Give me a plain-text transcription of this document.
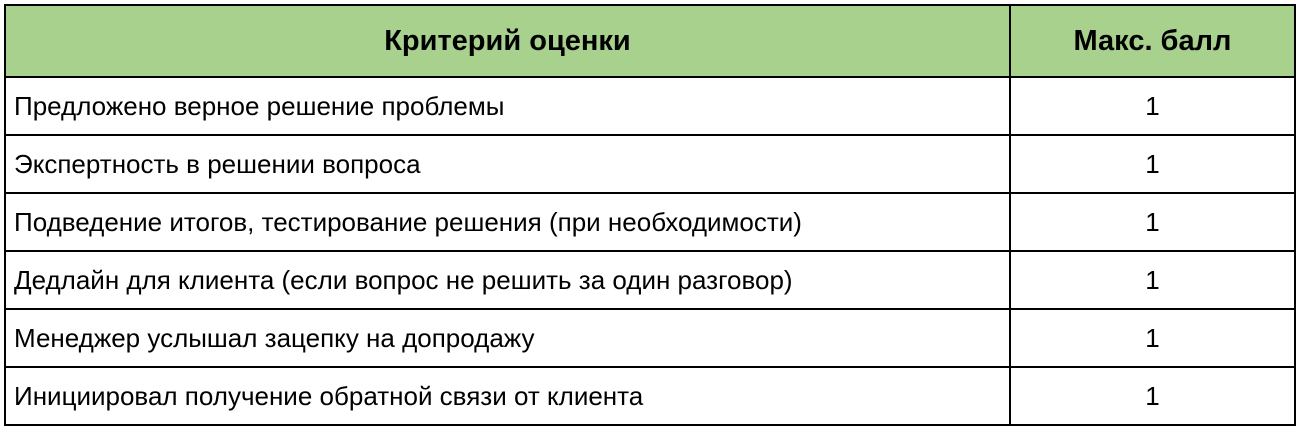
Критерий оценки	Макс. балл
Предложено верное решение проблемы	1
Экспертность в решении вопроса	1
Подведение итогов, тестирование решения (при необходимости)	1
Дедлайн для клиента (если вопрос не решить за один разговор)	1
Менеджер услышал зацепку на допродажу	1
Инициировал получение обратной связи от клиента	1
